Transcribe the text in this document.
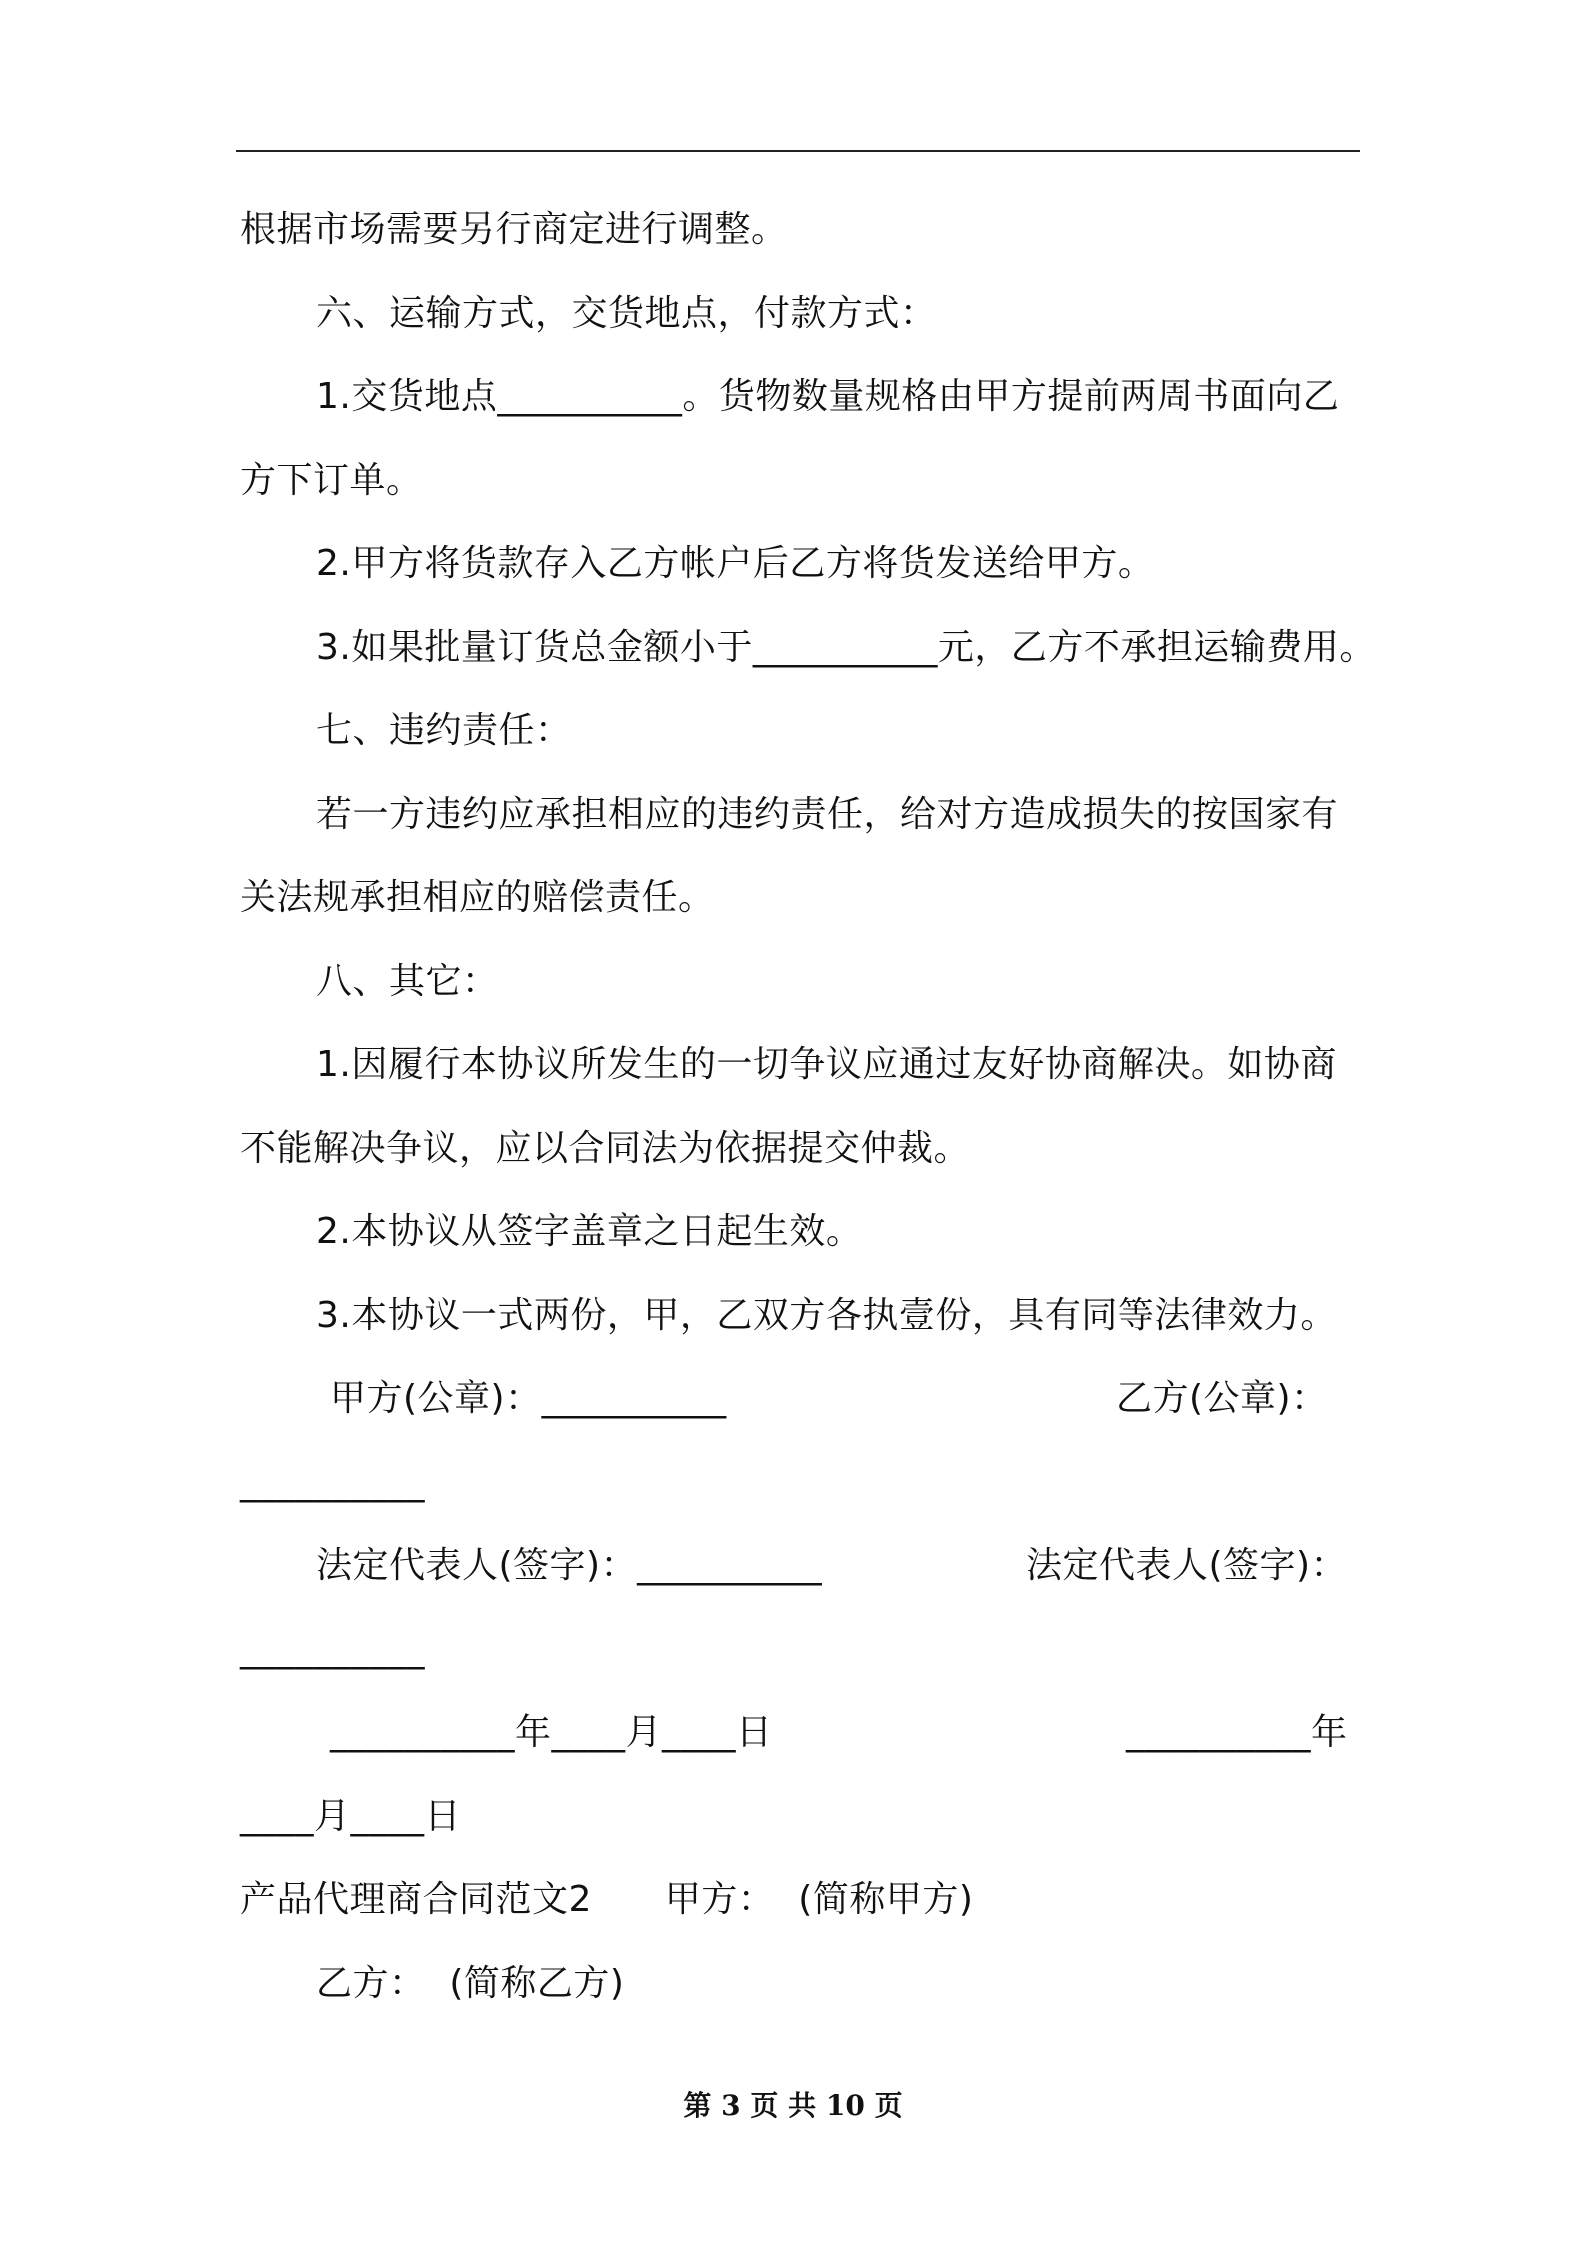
根据市场需要另行商定进行调整。
六、运输方式，交货地点，付款方式：
1.交货地点__________。货物数量规格由甲方提前两周书面向乙
方下订单。
2.甲方将货款存入乙方帐户后乙方将货发送给甲方。
3.如果批量订货总金额小于__________元，乙方不承担运输费用。
七、违约责任：
若一方违约应承担相应的违约责任，给对方造成损失的按国家有
关法规承担相应的赔偿责任。
八、其它：
1.因履行本协议所发生的一切争议应通过友好协商解决。如协商
不能解决争议，应以合同法为依据提交仲裁。
2.本协议从签字盖章之日起生效。
3.本协议一式两份，甲，乙双方各执壹份，具有同等法律效力。
甲方(公章)：__________	乙方(公章)：
__________
法定代表人(签字)：__________	法定代表人(签字)：
__________
__________年____月____日	__________年
____月____日
产品代理商合同范文2　　甲方：  (简称甲方)
乙方：  (简称乙方)
第 3 页 共 10 页
